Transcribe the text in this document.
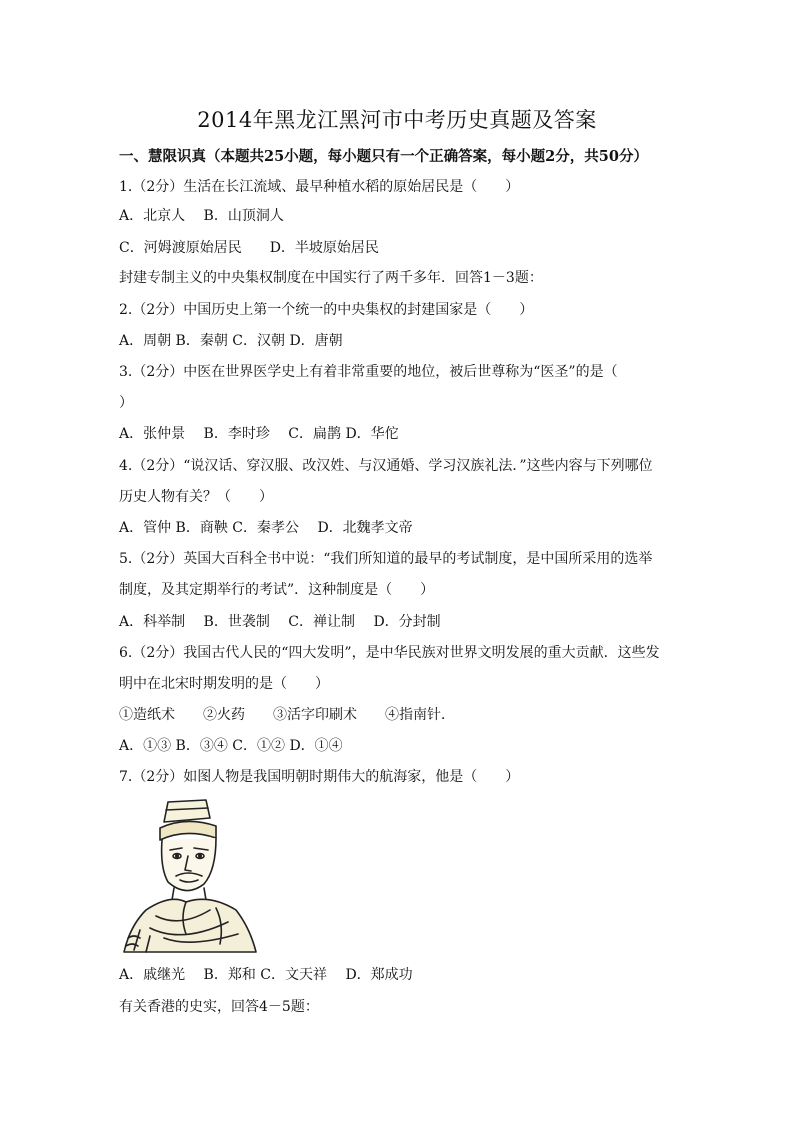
2014年黑龙江黑河市中考历史真题及答案
一、慧限识真（本题共25小题，每小题只有一个正确答案，每小题2分，共50分）
1.（2分）生活在长江流域、最早种植水稻的原始居民是（　　）
A．北京人　 B．山顶洞人
C．河姆渡原始居民　　D．半坡原始居民
封建专制主义的中央集权制度在中国实行了两千多年．回答1－3题：
2.（2分）中国历史上第一个统一的中央集权的封建国家是（　　）
A．周朝 B．秦朝 C．汉朝 D．唐朝
3.（2分）中医在世界医学史上有着非常重要的地位，被后世尊称为“医圣”的是（
）
A．张仲景　 B．李时珍　 C．扁鹊 D．华佗
4.（2分）“说汉话、穿汉服、改汉姓、与汉通婚、学习汉族礼法．”这些内容与下列哪位
历史人物有关？（　　）
A．管仲 B．商鞅 C．秦孝公　 D．北魏孝文帝
5.（2分）英国大百科全书中说：“我们所知道的最早的考试制度，是中国所采用的选举
制度，及其定期举行的考试”．这种制度是（　　）
A．科举制　 B．世袭制　 C．禅让制　 D．分封制
6.（2分）我国古代人民的“四大发明”，是中华民族对世界文明发展的重大贡献．这些发
明中在北宋时期发明的是（　　）
①造纸术　　②火药　　③活字印刷术　　④指南针．
A．①③ B．③④ C．①② D．①④
7.（2分）如图人物是我国明朝时期伟大的航海家，他是（　　）
A．戚继光　 B．郑和 C．文天祥　 D．郑成功
有关香港的史实，回答4－5题：
